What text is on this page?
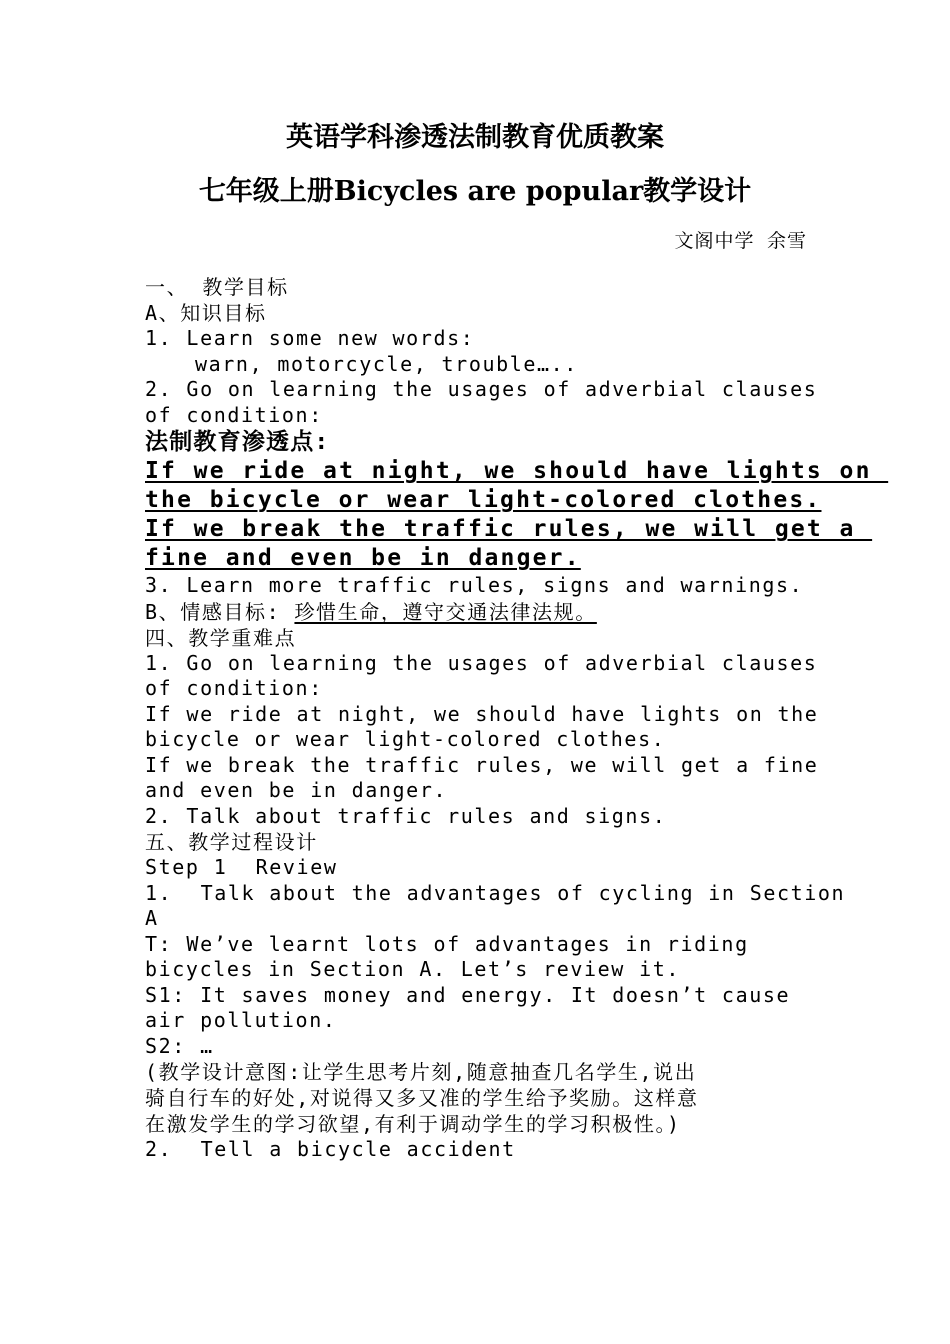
英语学科渗透法制教育优质教案
七年级上册Bicycles are popular教学设计
文阁中学 余雪
一、 教学目标
A、知识目标
1. Learn some new words:
warn, motorcycle, trouble…..
2. Go on learning the usages of adverbial clauses
of condition:
法制教育渗透点:
If we ride at night, we should have lights on
the bicycle or wear light-colored clothes.
If we break the traffic rules, we will get a
fine and even be in danger.
3. Learn more traffic rules, signs and warnings.
B、情感目标: 珍惜生命，遵守交通法律法规。
四、教学重难点
1. Go on learning the usages of adverbial clauses
of condition:
If we ride at night, we should have lights on the
bicycle or wear light-colored clothes.
If we break the traffic rules, we will get a fine
and even be in danger.
2. Talk about traffic rules and signs.
五、教学过程设计
Step 1  Review
1.  Talk about the advantages of cycling in Section
A
T: We’ve learnt lots of advantages in riding
bicycles in Section A. Let’s review it.
S1: It saves money and energy. It doesn’t cause
air pollution.
S2: …
(教学设计意图:让学生思考片刻,随意抽查几名学生,说出
骑自行车的好处,对说得又多又准的学生给予奖励。这样意
在激发学生的学习欲望,有利于调动学生的学习积极性。)
2.  Tell a bicycle accident
